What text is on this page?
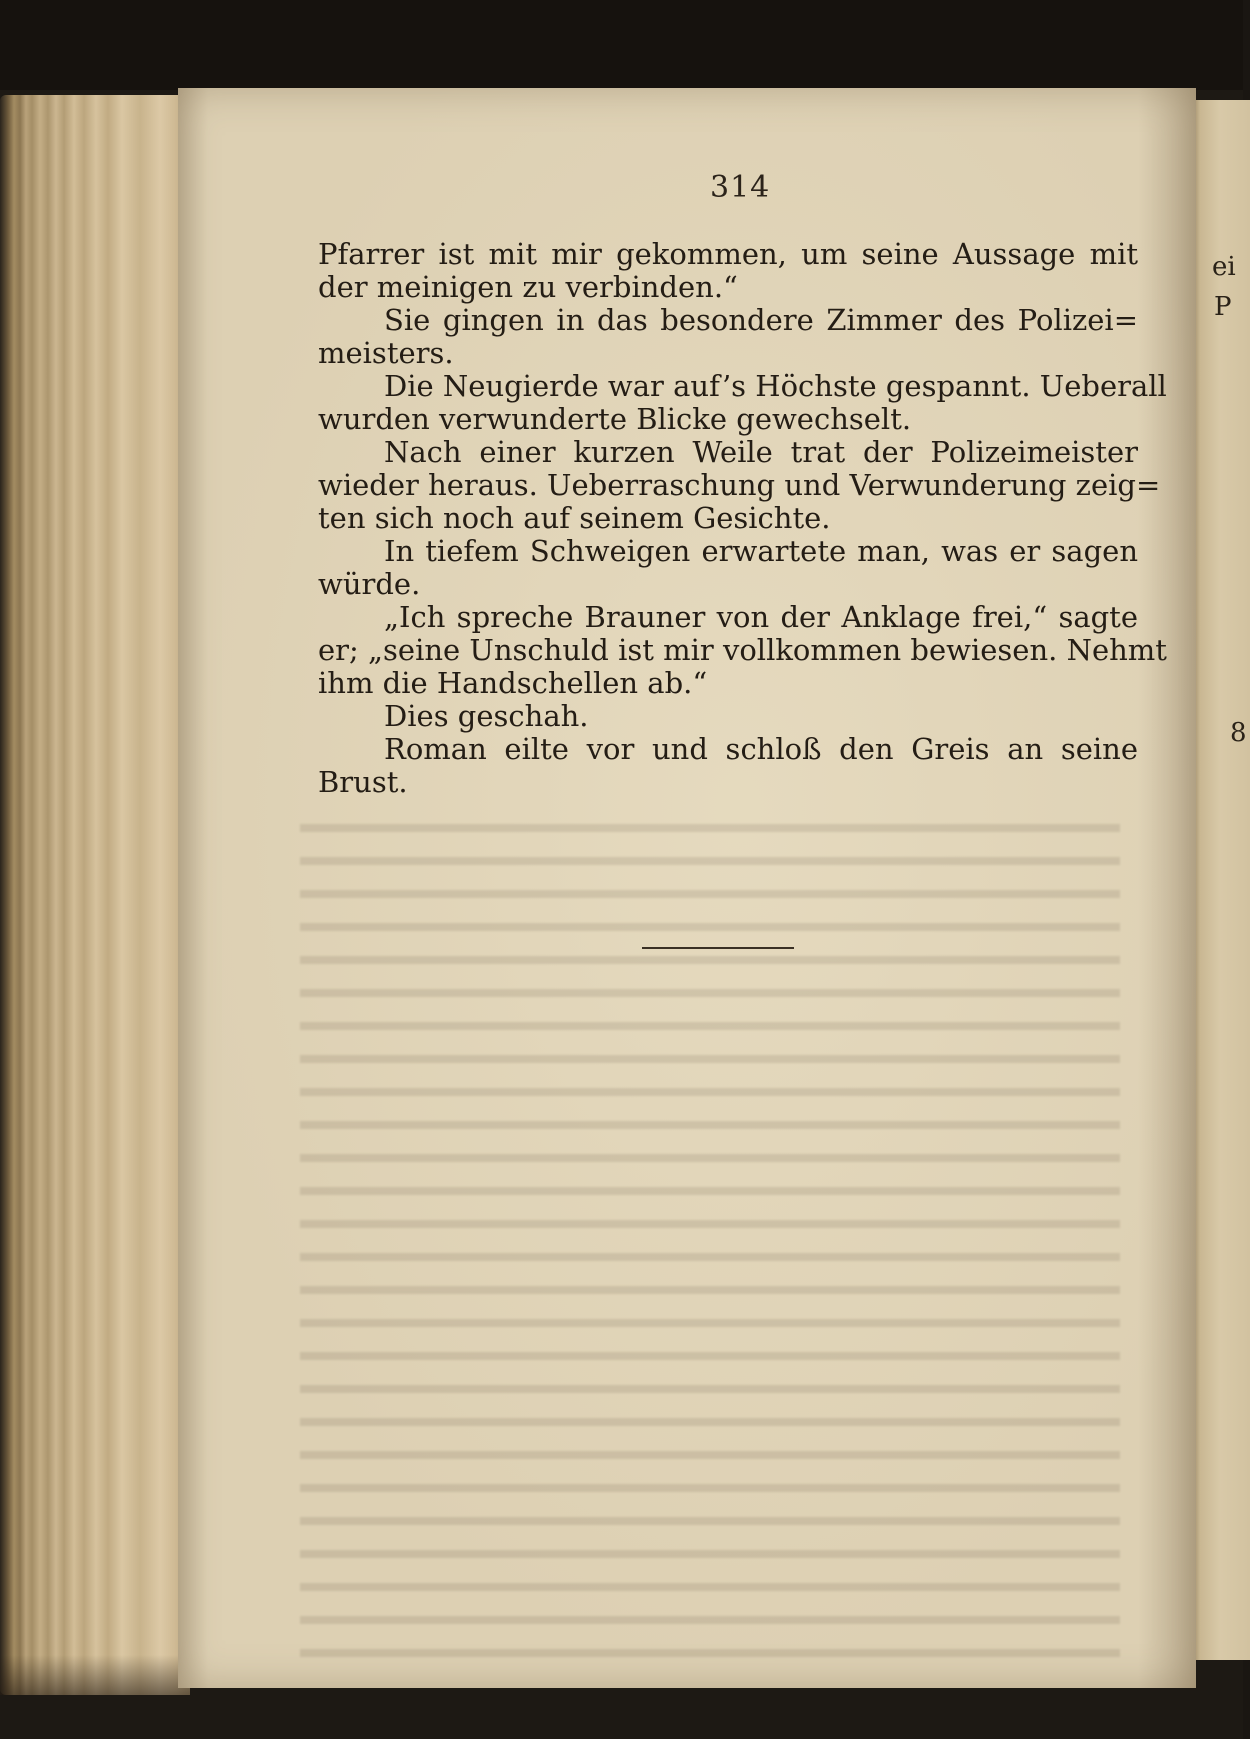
ei
P
8
314
Pfarrer ist mit mir gekommen, um seine Aussage mit
der meinigen zu verbinden.“
Sie gingen in das besondere Zimmer des Polizei=
meisters.
Die Neugierde war auf’s Höchste gespannt. Ueberall
wurden verwunderte Blicke gewechselt.
Nach einer kurzen Weile trat der Polizeimeister
wieder heraus. Ueberraschung und Verwunderung zeig=
ten sich noch auf seinem Gesichte.
In tiefem Schweigen erwartete man, was er sagen
würde.
„Ich spreche Brauner von der Anklage frei,“ sagte
er; „seine Unschuld ist mir vollkommen bewiesen. Nehmt
ihm die Handschellen ab.“
Dies geschah.
Roman eilte vor und schloß den Greis an seine
Brust.
